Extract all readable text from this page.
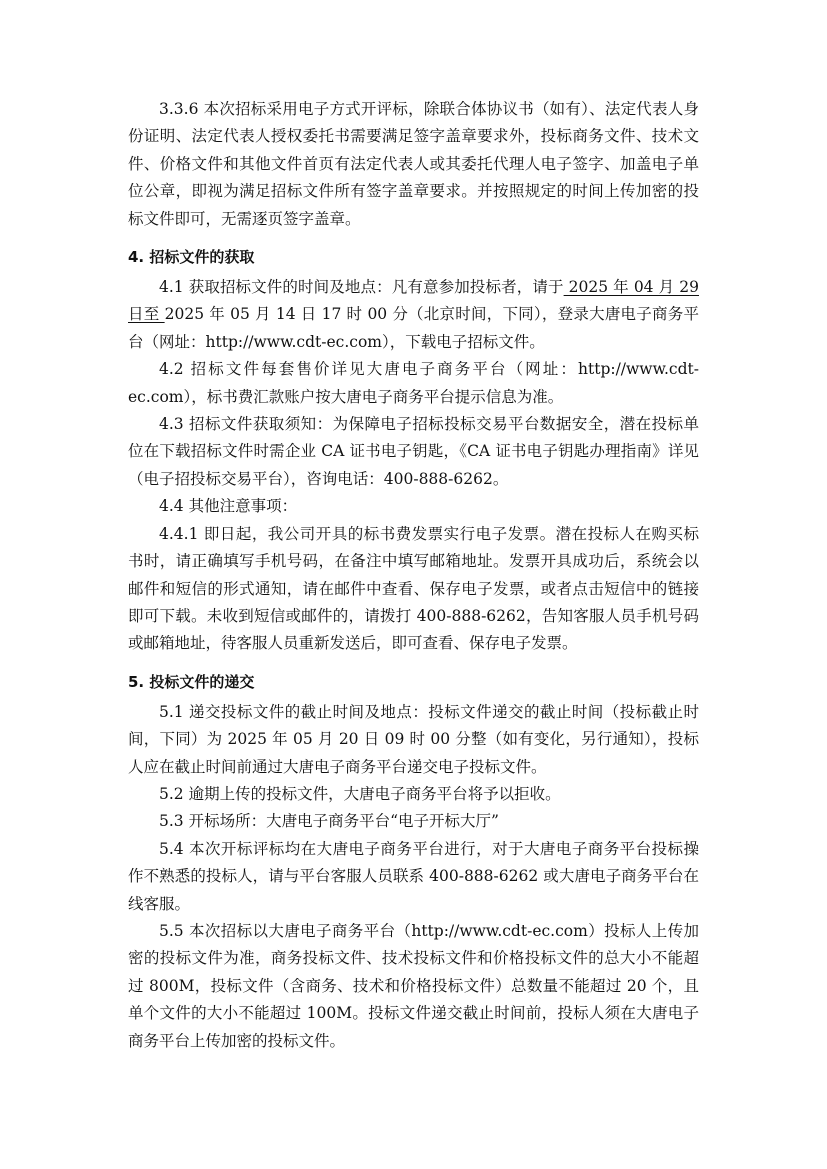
3.3.6 本次招标采用电子方式开评标，除联合体协议书（如有）、法定代表人身份证明、法定代表人授权委托书需要满足签字盖章要求外，投标商务文件、技术文件、价格文件和其他文件首页有法定代表人或其委托代理人电子签字、加盖电子单位公章，即视为满足招标文件所有签字盖章要求。并按照规定的时间上传加密的投标文件即可，无需逐页签字盖章。

4. 招标文件的获取

4.1 获取招标文件的时间及地点：凡有意参加投标者，请于 2025 年 04 月 29 日至 2025 年 05 月 14 日 17 时 00 分（北京时间，下同），登录大唐电子商务平台（网址：http://www.cdt-ec.com），下载电子招标文件。

4.2 招标文件每套售价详见大唐电子商务平台（网址：http://www.cdt-ec.com），标书费汇款账户按大唐电子商务平台提示信息为准。

4.3 招标文件获取须知：为保障电子招标投标交易平台数据安全，潜在投标单位在下载招标文件时需企业 CA 证书电子钥匙，《CA 证书电子钥匙办理指南》详见（电子招投标交易平台），咨询电话：400-888-6262。

4.4 其他注意事项：

4.4.1 即日起，我公司开具的标书费发票实行电子发票。潜在投标人在购买标书时，请正确填写手机号码，在备注中填写邮箱地址。发票开具成功后，系统会以邮件和短信的形式通知，请在邮件中查看、保存电子发票，或者点击短信中的链接即可下载。未收到短信或邮件的，请拨打 400-888-6262，告知客服人员手机号码或邮箱地址，待客服人员重新发送后，即可查看、保存电子发票。

5. 投标文件的递交

5.1 递交投标文件的截止时间及地点：投标文件递交的截止时间（投标截止时间，下同）为 2025 年 05 月 20 日 09 时 00 分整（如有变化，另行通知），投标人应在截止时间前通过大唐电子商务平台递交电子投标文件。

5.2 逾期上传的投标文件，大唐电子商务平台将予以拒收。

5.3 开标场所：大唐电子商务平台“电子开标大厅”

5.4 本次开标评标均在大唐电子商务平台进行，对于大唐电子商务平台投标操作不熟悉的投标人，请与平台客服人员联系 400-888-6262 或大唐电子商务平台在线客服。

5.5 本次招标以大唐电子商务平台（http://www.cdt-ec.com）投标人上传加密的投标文件为准，商务投标文件、技术投标文件和价格投标文件的总大小不能超过 800M，投标文件（含商务、技术和价格投标文件）总数量不能超过 20 个，且单个文件的大小不能超过 100M。投标文件递交截止时间前，投标人须在大唐电子商务平台上传加密的投标文件。
